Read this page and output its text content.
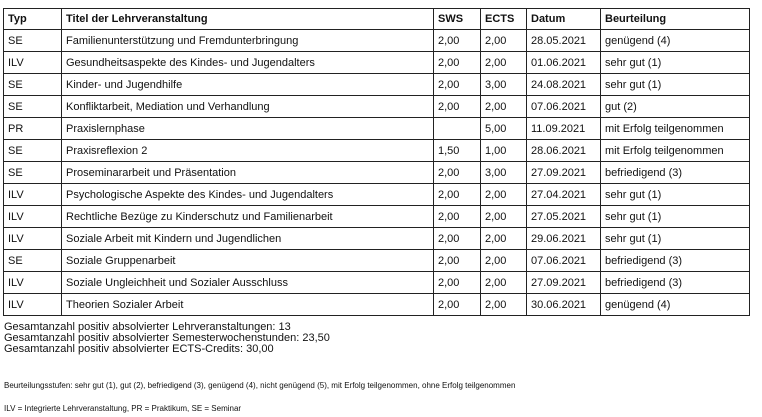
Typ	Titel der Lehrveranstaltung	SWS	ECTS	Datum	Beurteilung
SE	Familienunterstützung und Fremdunterbringung	2,00	2,00	28.05.2021	genügend (4)
ILV	Gesundheitsaspekte des Kindes- und Jugendalters	2,00	2,00	01.06.2021	sehr gut (1)
SE	Kinder- und Jugendhilfe	2,00	3,00	24.08.2021	sehr gut (1)
SE	Konfliktarbeit, Mediation und Verhandlung	2,00	2,00	07.06.2021	gut (2)
PR	Praxislernphase		5,00	11.09.2021	mit Erfolg teilgenommen
SE	Praxisreflexion 2	1,50	1,00	28.06.2021	mit Erfolg teilgenommen
SE	Proseminararbeit und Präsentation	2,00	3,00	27.09.2021	befriedigend (3)
ILV	Psychologische Aspekte des Kindes- und Jugendalters	2,00	2,00	27.04.2021	sehr gut (1)
ILV	Rechtliche Bezüge zu Kinderschutz und Familienarbeit	2,00	2,00	27.05.2021	sehr gut (1)
ILV	Soziale Arbeit mit Kindern und Jugendlichen	2,00	2,00	29.06.2021	sehr gut (1)
SE	Soziale Gruppenarbeit	2,00	2,00	07.06.2021	befriedigend (3)
ILV	Soziale Ungleichheit und Sozialer Ausschluss	2,00	2,00	27.09.2021	befriedigend (3)
ILV	Theorien Sozialer Arbeit	2,00	2,00	30.06.2021	genügend (4)
Gesamtanzahl positiv absolvierter Lehrveranstaltungen: 13
Gesamtanzahl positiv absolvierter Semesterwochenstunden: 23,50
Gesamtanzahl positiv absolvierter ECTS-Credits: 30,00
Beurteilungsstufen: sehr gut (1), gut (2), befriedigend (3), genügend (4), nicht genügend (5), mit Erfolg teilgenommen, ohne Erfolg teilgenommen
ILV = Integrierte Lehrveranstaltung, PR = Praktikum, SE = Seminar
